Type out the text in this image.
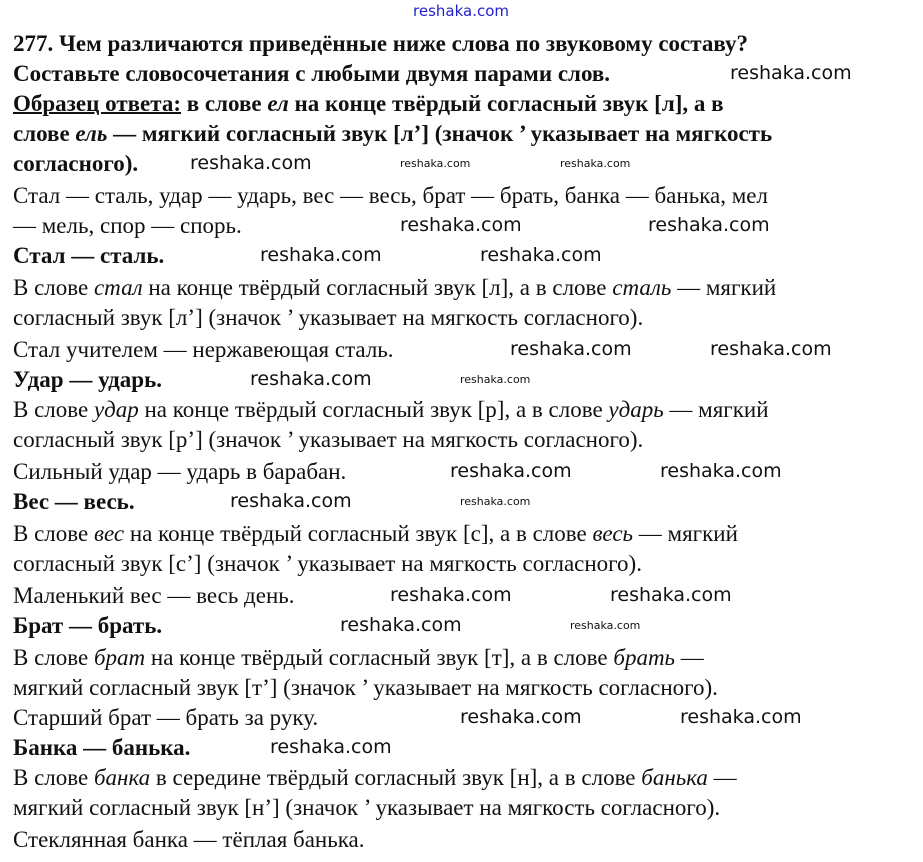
277. Чем различаются приведённые ниже слова по звуковому составу?
Составьте словосочетания с любыми двумя парами слов.
Образец ответа: в слове ел на конце твёрдый согласный звук [л], а в
слове ель — мягкий согласный звук [л’] (значок ’ указывает на мягкость
согласного).
Стал — сталь, удар — ударь, вес — весь, брат — брать, банка — банька, мел
— мель, спор — спорь.
Стал — сталь.
В слове стал на конце твёрдый согласный звук [л], а в слове сталь — мягкий
согласный звук [л’] (значок ’ указывает на мягкость согласного).
Стал учителем — нержавеющая сталь.
Удар — ударь.
В слове удар на конце твёрдый согласный звук [р], а в слове ударь — мягкий
согласный звук [р’] (значок ’ указывает на мягкость согласного).
Сильный удар — ударь в барабан.
Вес — весь.
В слове вес на конце твёрдый согласный звук [с], а в слове весь — мягкий
согласный звук [с’] (значок ’ указывает на мягкость согласного).
Маленький вес — весь день.
Брат — брать.
В слове брат на конце твёрдый согласный звук [т], а в слове брать —
мягкий согласный звук [т’] (значок ’ указывает на мягкость согласного).
Старший брат — брать за руку.
Банка — банька.
В слове банка в середине твёрдый согласный звук [н], а в слове банька —
мягкий согласный звук [н’] (значок ’ указывает на мягкость согласного).
Стеклянная банка — тёплая банька.
reshaka.com
reshaka.com
reshaka.com	reshaka.com	reshaka.com
reshaka.com	reshaka.com
reshaka.com	reshaka.com
reshaka.com	reshaka.com
reshaka.com	reshaka.com
reshaka.com	reshaka.com
reshaka.com	reshaka.com
reshaka.com	reshaka.com
reshaka.com	reshaka.com
reshaka.com	reshaka.com
reshaka.com
